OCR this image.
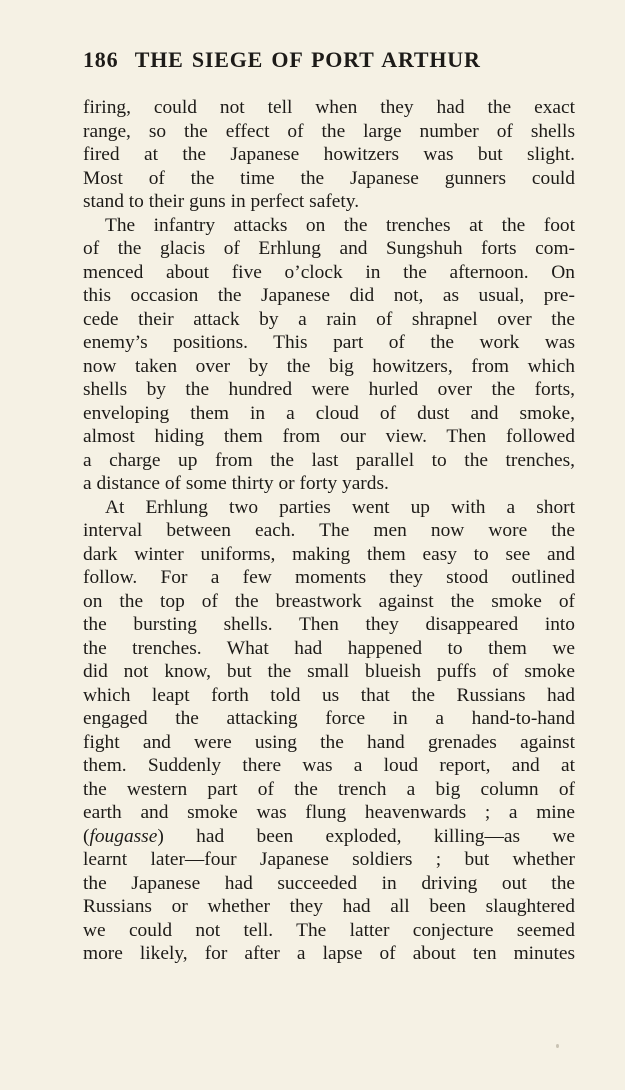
186 THE SIEGE OF PORT ARTHUR
firing, could not tell when they had the exact
range, so the effect of the large number of shells
fired at the Japanese howitzers was but slight.
Most of the time the Japanese gunners could
stand to their guns in perfect safety.
The infantry attacks on the trenches at the foot
of the glacis of Erhlung and Sungshuh forts com-
menced about five o’clock in the afternoon. On
this occasion the Japanese did not, as usual, pre-
cede their attack by a rain of shrapnel over the
enemy’s positions. This part of the work was
now taken over by the big howitzers, from which
shells by the hundred were hurled over the forts,
enveloping them in a cloud of dust and smoke,
almost hiding them from our view. Then followed
a charge up from the last parallel to the trenches,
a distance of some thirty or forty yards.
At Erhlung two parties went up with a short
interval between each. The men now wore the
dark winter uniforms, making them easy to see and
follow. For a few moments they stood outlined
on the top of the breastwork against the smoke of
the bursting shells. Then they disappeared into
the trenches. What had happened to them we
did not know, but the small blueish puffs of smoke
which leapt forth told us that the Russians had
engaged the attacking force in a hand-to-hand
fight and were using the hand grenades against
them. Suddenly there was a loud report, and at
the western part of the trench a big column of
earth and smoke was flung heavenwards ; a mine
(fougasse) had been exploded, killing—as we
learnt later—four Japanese soldiers ; but whether
the Japanese had succeeded in driving out the
Russians or whether they had all been slaughtered
we could not tell. The latter conjecture seemed
more likely, for after a lapse of about ten minutes
